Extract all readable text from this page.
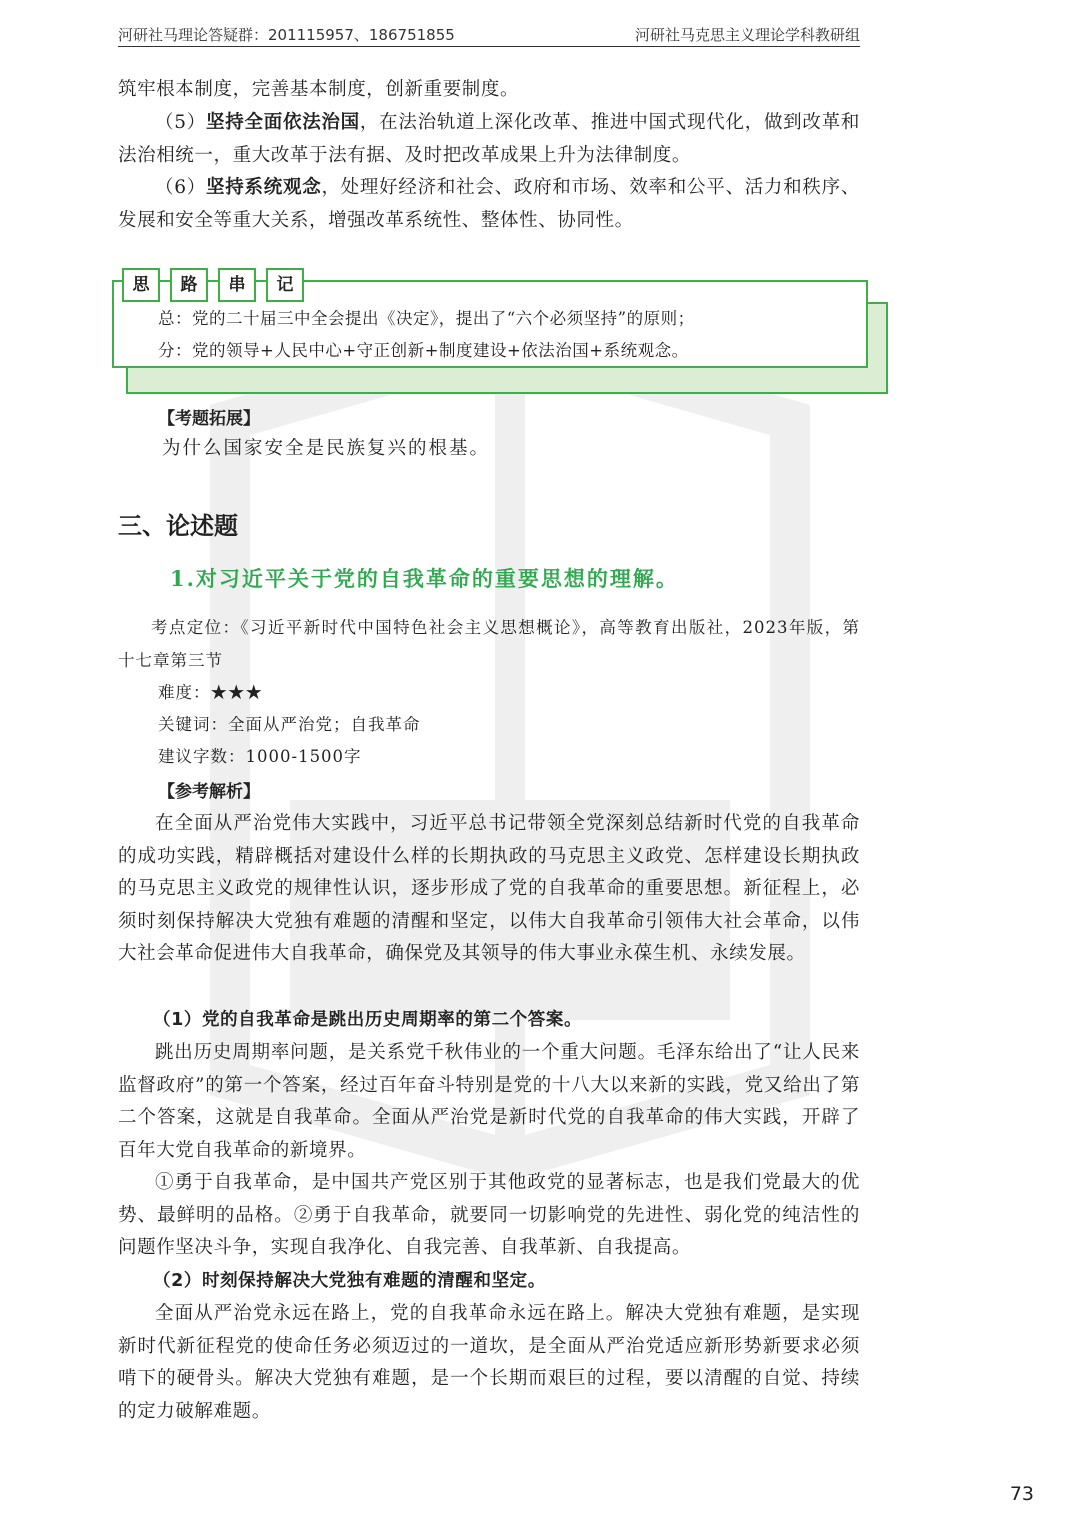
河研社马理论答疑群：201115957、186751855	河研社马克思主义理论学科教研组
筑牢根本制度，完善基本制度，创新重要制度。
（5）坚持全面依法治国，在法治轨道上深化改革、推进中国式现代化，做到改革和法治相统一，重大改革于法有据、及时把改革成果上升为法律制度。
（6）坚持系统观念，处理好经济和社会、政府和市场、效率和公平、活力和秩序、发展和安全等重大关系，增强改革系统性、整体性、协同性。
思	路	串	记
总：党的二十届三中全会提出《决定》，提出了“六个必须坚持”的原则；
分：党的领导+人民中心+守正创新+制度建设+依法治国+系统观念。
【考题拓展】
为什么国家安全是民族复兴的根基。
三、论述题
1.对习近平关于党的自我革命的重要思想的理解。
考点定位：《习近平新时代中国特色社会主义思想概论》，高等教育出版社，2023年版，第十七章第三节
难度：★★★
关键词：全面从严治党；自我革命
建议字数：1000-1500字
【参考解析】
在全面从严治党伟大实践中，习近平总书记带领全党深刻总结新时代党的自我革命的成功实践，精辟概括对建设什么样的长期执政的马克思主义政党、怎样建设长期执政的马克思主义政党的规律性认识，逐步形成了党的自我革命的重要思想。新征程上，必须时刻保持解决大党独有难题的清醒和坚定，以伟大自我革命引领伟大社会革命，以伟大社会革命促进伟大自我革命，确保党及其领导的伟大事业永葆生机、永续发展。
（1）党的自我革命是跳出历史周期率的第二个答案。
跳出历史周期率问题，是关系党千秋伟业的一个重大问题。毛泽东给出了“让人民来监督政府”的第一个答案，经过百年奋斗特别是党的十八大以来新的实践，党又给出了第二个答案，这就是自我革命。全面从严治党是新时代党的自我革命的伟大实践，开辟了百年大党自我革命的新境界。
①勇于自我革命，是中国共产党区别于其他政党的显著标志，也是我们党最大的优势、最鲜明的品格。②勇于自我革命，就要同一切影响党的先进性、弱化党的纯洁性的问题作坚决斗争，实现自我净化、自我完善、自我革新、自我提高。
（2）时刻保持解决大党独有难题的清醒和坚定。
全面从严治党永远在路上，党的自我革命永远在路上。解决大党独有难题，是实现新时代新征程党的使命任务必须迈过的一道坎，是全面从严治党适应新形势新要求必须啃下的硬骨头。解决大党独有难题，是一个长期而艰巨的过程，要以清醒的自觉、持续的定力破解难题。
73
